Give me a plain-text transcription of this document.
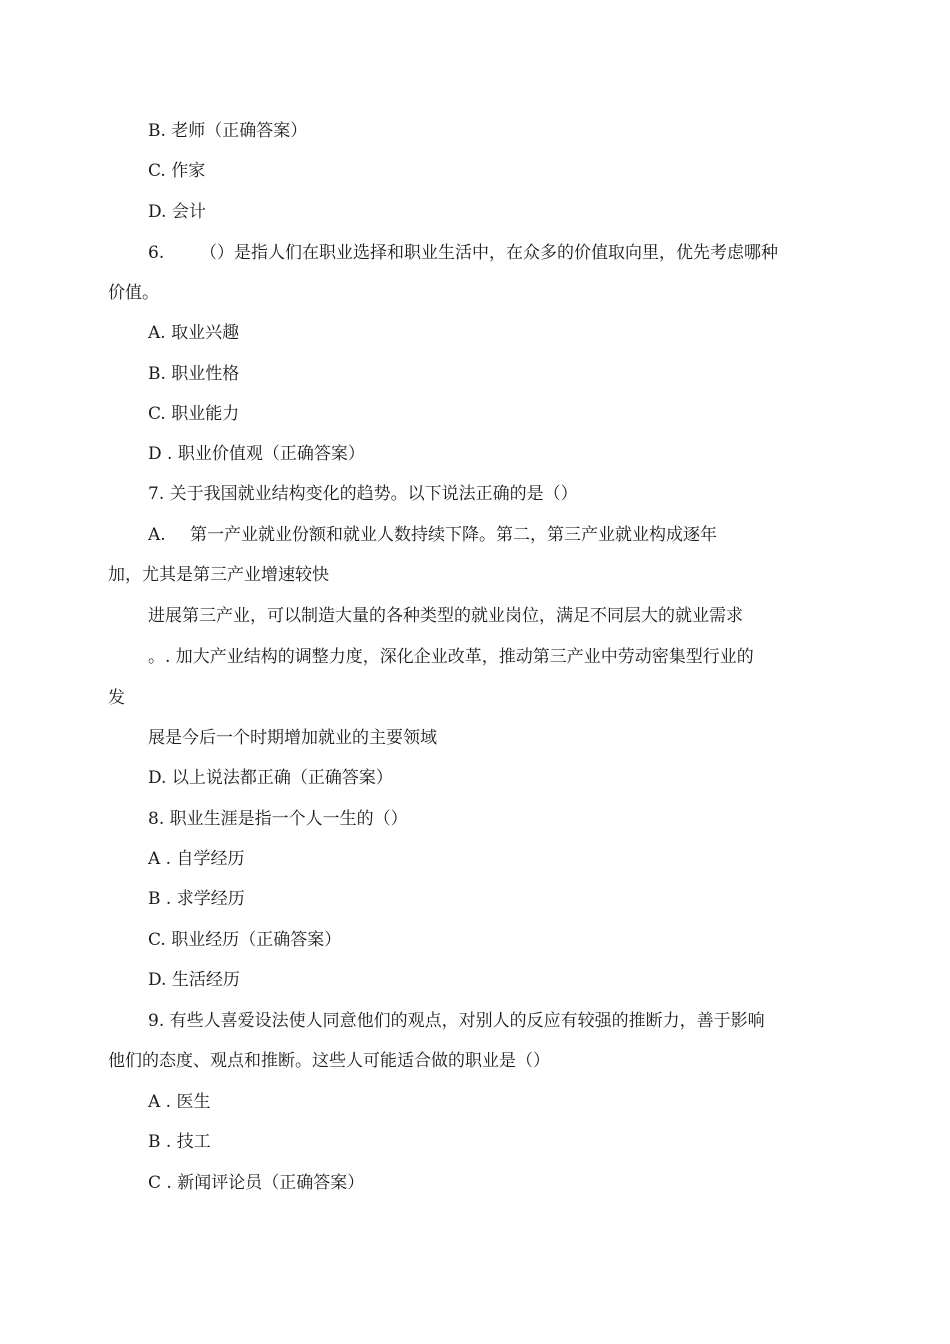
B. 老师（正确答案）
C. 作家
D. 会计
6. （）是指人们在职业选择和职业生活中，在众多的价值取向里，优先考虑哪种
价值。
A. 取业兴趣
B. 职业性格
C. 职业能力
D . 职业价值观（正确答案）
7. 关于我国就业结构变化的趋势。以下说法正确的是（）
A. 第一产业就业份额和就业人数持续下降。第二，第三产业就业构成逐年
加，尤其是第三产业增速较快
进展第三产业，可以制造大量的各种类型的就业岗位，满足不同层大的就业需求
。. 加大产业结构的调整力度，深化企业改革，推动第三产业中劳动密集型行业的
发
展是今后一个时期增加就业的主要领域
D. 以上说法都正确（正确答案）
8. 职业生涯是指一个人一生的（）
A . 自学经历
B . 求学经历
C. 职业经历（正确答案）
D. 生活经历
9. 有些人喜爱设法使人同意他们的观点，对别人的反应有较强的推断力，善于影响
他们的态度、观点和推断。这些人可能适合做的职业是（）
A . 医生
B . 技工
C . 新闻评论员（正确答案）
